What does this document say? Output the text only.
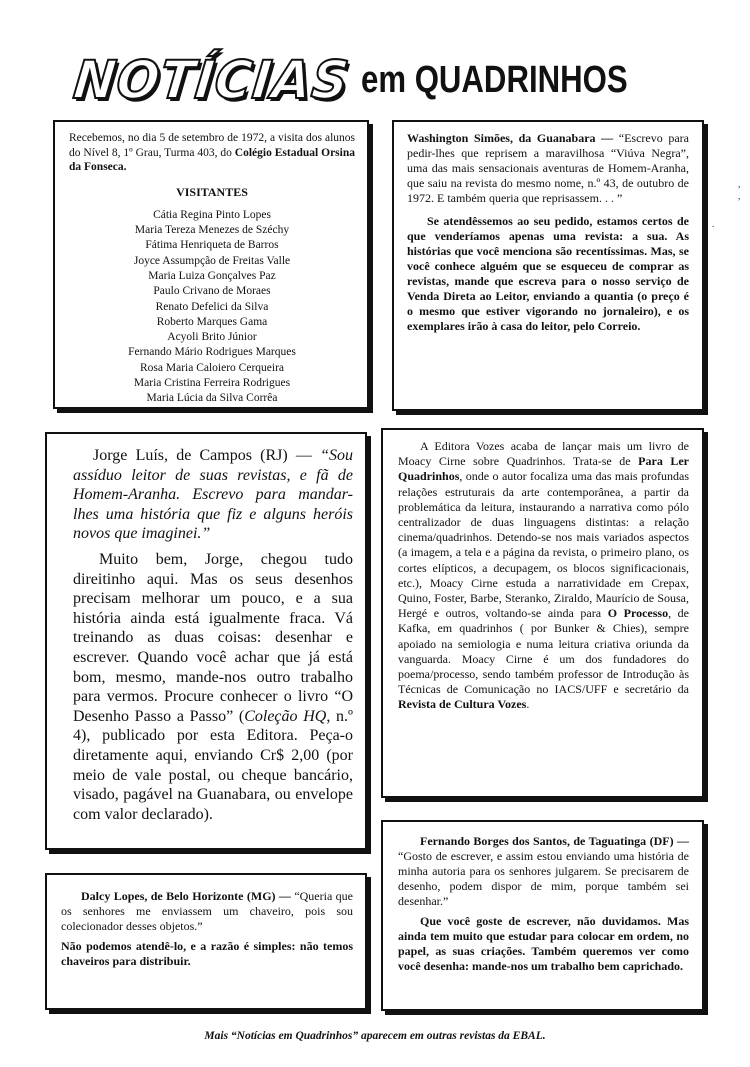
NOTÍCIAS em QUADRINHOS

Recebemos, no dia 5 de setembro de 1972, a visita dos alunos do Nível 8, 1º Grau, Turma 403, do Colégio Estadual Orsina da Fonseca.

VISITANTES
Cátia Regina Pinto Lopes
Maria Tereza Menezes de Széchy
Fátima Henriqueta de Barros
Joyce Assumpção de Freitas Valle
Maria Luiza Gonçalves Paz
Paulo Crivano de Moraes
Renato Defelici da Silva
Roberto Marques Gama
Acyoli Brito Júnior
Fernando Mário Rodrigues Marques
Rosa Maria Caloiero Cerqueira
Maria Cristina Ferreira Rodrigues
Maria Lúcia da Silva Corrêa

Washington Simões, da Guanabara — “Escrevo para pedir-lhes que reprisem a maravilhosa “Viúva Negra”, uma das mais sensacionais aventuras de Homem-Aranha, que saiu na revista do mesmo nome, n.º 43, de outubro de 1972. E também queria que reprisassem. . . ”

Se atendêssemos ao seu pedido, estamos certos de que venderíamos apenas uma revista: a sua. As histórias que você menciona são recentíssimas. Mas, se você conhece alguém que se esqueceu de comprar as revistas, mande que escreva para o nosso serviço de Venda Direta ao Leitor, enviando a quantia (o preço é o mesmo que estiver vigorando no jornaleiro), e os exemplares irão à casa do leitor, pelo Correio.

Jorge Luís, de Campos (RJ) — “Sou assíduo leitor de suas revistas, e fã de Homem-Aranha. Escrevo para mandar-lhes uma história que fiz e alguns heróis novos que imaginei.”

Muito bem, Jorge, chegou tudo direitinho aqui. Mas os seus desenhos precisam melhorar um pouco, e a sua história ainda está igualmente fraca. Vá treinando as duas coisas: desenhar e escrever. Quando você achar que já está bom, mesmo, mande-nos outro trabalho para vermos. Procure conhecer o livro “O Desenho Passo a Passo” (Coleção HQ, n.º 4), publicado por esta Editora. Peça-o diretamente aqui, enviando Cr$ 2,00 (por meio de vale postal, ou cheque bancário, visado, pagável na Guanabara, ou envelope com valor declarado).

A Editora Vozes acaba de lançar mais um livro de Moacy Cirne sobre Quadrinhos. Trata-se de Para Ler Quadrinhos, onde o autor focaliza uma das mais profundas relações estruturais da arte contemporânea, a partir da problemática da leitura, instaurando a narrativa como pólo centralizador de duas linguagens distintas: a relação cinema/quadrinhos. Detendo-se nos mais variados aspectos (a imagem, a tela e a página da revista, o primeiro plano, os cortes elípticos, a decupagem, os blocos significacionais, etc.), Moacy Cirne estuda a narratividade em Crepax, Quino, Foster, Barbe, Steranko, Ziraldo, Maurício de Sousa, Hergé e outros, voltando-se ainda para O Processo, de Kafka, em quadrinhos ( por Bunker & Chies), sempre apoiado na semiologia e numa leitura criativa oriunda da vanguarda. Moacy Cirne é um dos fundadores do poema/processo, sendo também professor de Introdução às Técnicas de Comunicação no IACS/UFF e secretário da Revista de Cultura Vozes.

Dalcy Lopes, de Belo Horizonte (MG) — “Queria que os senhores me enviassem um chaveiro, pois sou colecionador desses objetos.”

Não podemos atendê-lo, e a razão é simples: não temos chaveiros para distribuir.

Fernando Borges dos Santos, de Taguatinga (DF) — “Gosto de escrever, e assim estou enviando uma história de minha autoria para os senhores julgarem. Se precisarem de desenho, podem dispor de mim, porque também sei desenhar.”

Que você goste de escrever, não duvidamos. Mas ainda tem muito que estudar para colocar em ordem, no papel, as suas criações. Também queremos ver como você desenha: mande-nos um trabalho bem caprichado.

Mais “Notícias em Quadrinhos” aparecem em outras revistas da EBAL.
,
,
.
